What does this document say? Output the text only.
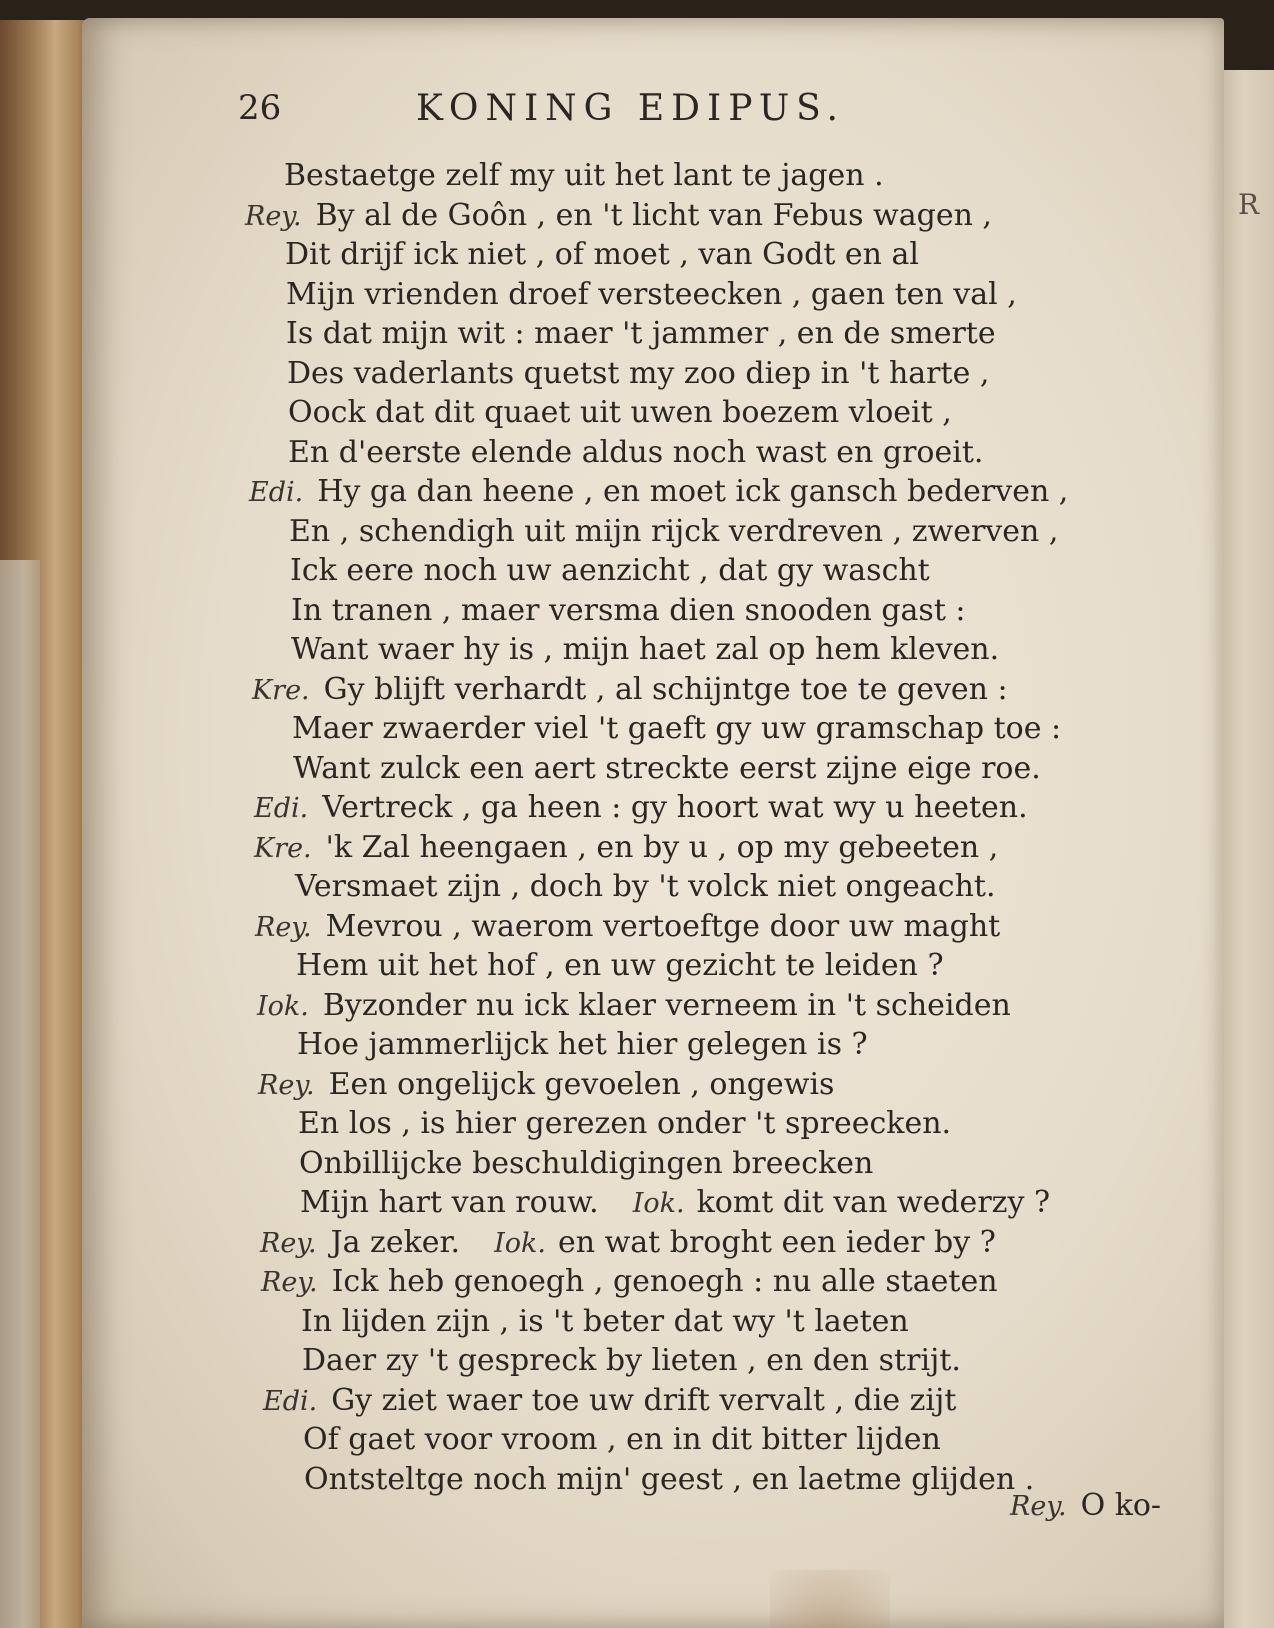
R
26	KONING EDIPUS.
Bestaetge zelf my uit het lant te jagen .
Rey. By al de Goôn , en 't licht van Febus wagen ,
Dit drijf ick niet , of moet , van Godt en al
Mijn vrienden droef versteecken , gaen ten val ,
Is dat mijn wit : maer 't jammer , en de smerte
Des vaderlants quetst my zoo diep in 't harte ,
Oock dat dit quaet uit uwen boezem vloeit ,
En d'eerste elende aldus noch wast en groeit.
Edi. Hy ga dan heene , en moet ick gansch bederven ,
En , schendigh uit mijn rijck verdreven , zwerven ,
Ick eere noch uw aenzicht , dat gy wascht
In tranen , maer versma dien snooden gast :
Want waer hy is , mijn haet zal op hem kleven.
Kre. Gy blijft verhardt , al schijntge toe te geven :
Maer zwaerder viel 't gaeft gy uw gramschap toe :
Want zulck een aert streckte eerst zijne eige roe.
Edi. Vertreck , ga heen : gy hoort wat wy u heeten.
Kre. 'k Zal heengaen , en by u , op my gebeeten ,
Versmaet zijn , doch by 't volck niet ongeacht.
Rey. Mevrou , waerom vertoeftge door uw maght
Hem uit het hof , en uw gezicht te leiden ?
Iok. Byzonder nu ick klaer verneem in 't scheiden
Hoe jammerlijck het hier gelegen is ?
Rey. Een ongelijck gevoelen , ongewis
En los , is hier gerezen onder 't spreecken.
Onbillijcke beschuldigingen breecken
Mijn hart van rouw. Iok. komt dit van wederzy ?
Rey. Ja zeker. Iok. en wat broght een ieder by ?
Rey. Ick heb genoegh , genoegh : nu alle staeten
In lijden zijn , is 't beter dat wy 't laeten
Daer zy 't gespreck by lieten , en den strijt.
Edi. Gy ziet waer toe uw drift vervalt , die zijt
Of gaet voor vroom , en in dit bitter lijden
Ontsteltge noch mijn' geest , en laetme glijden .
Rey. O ko-
